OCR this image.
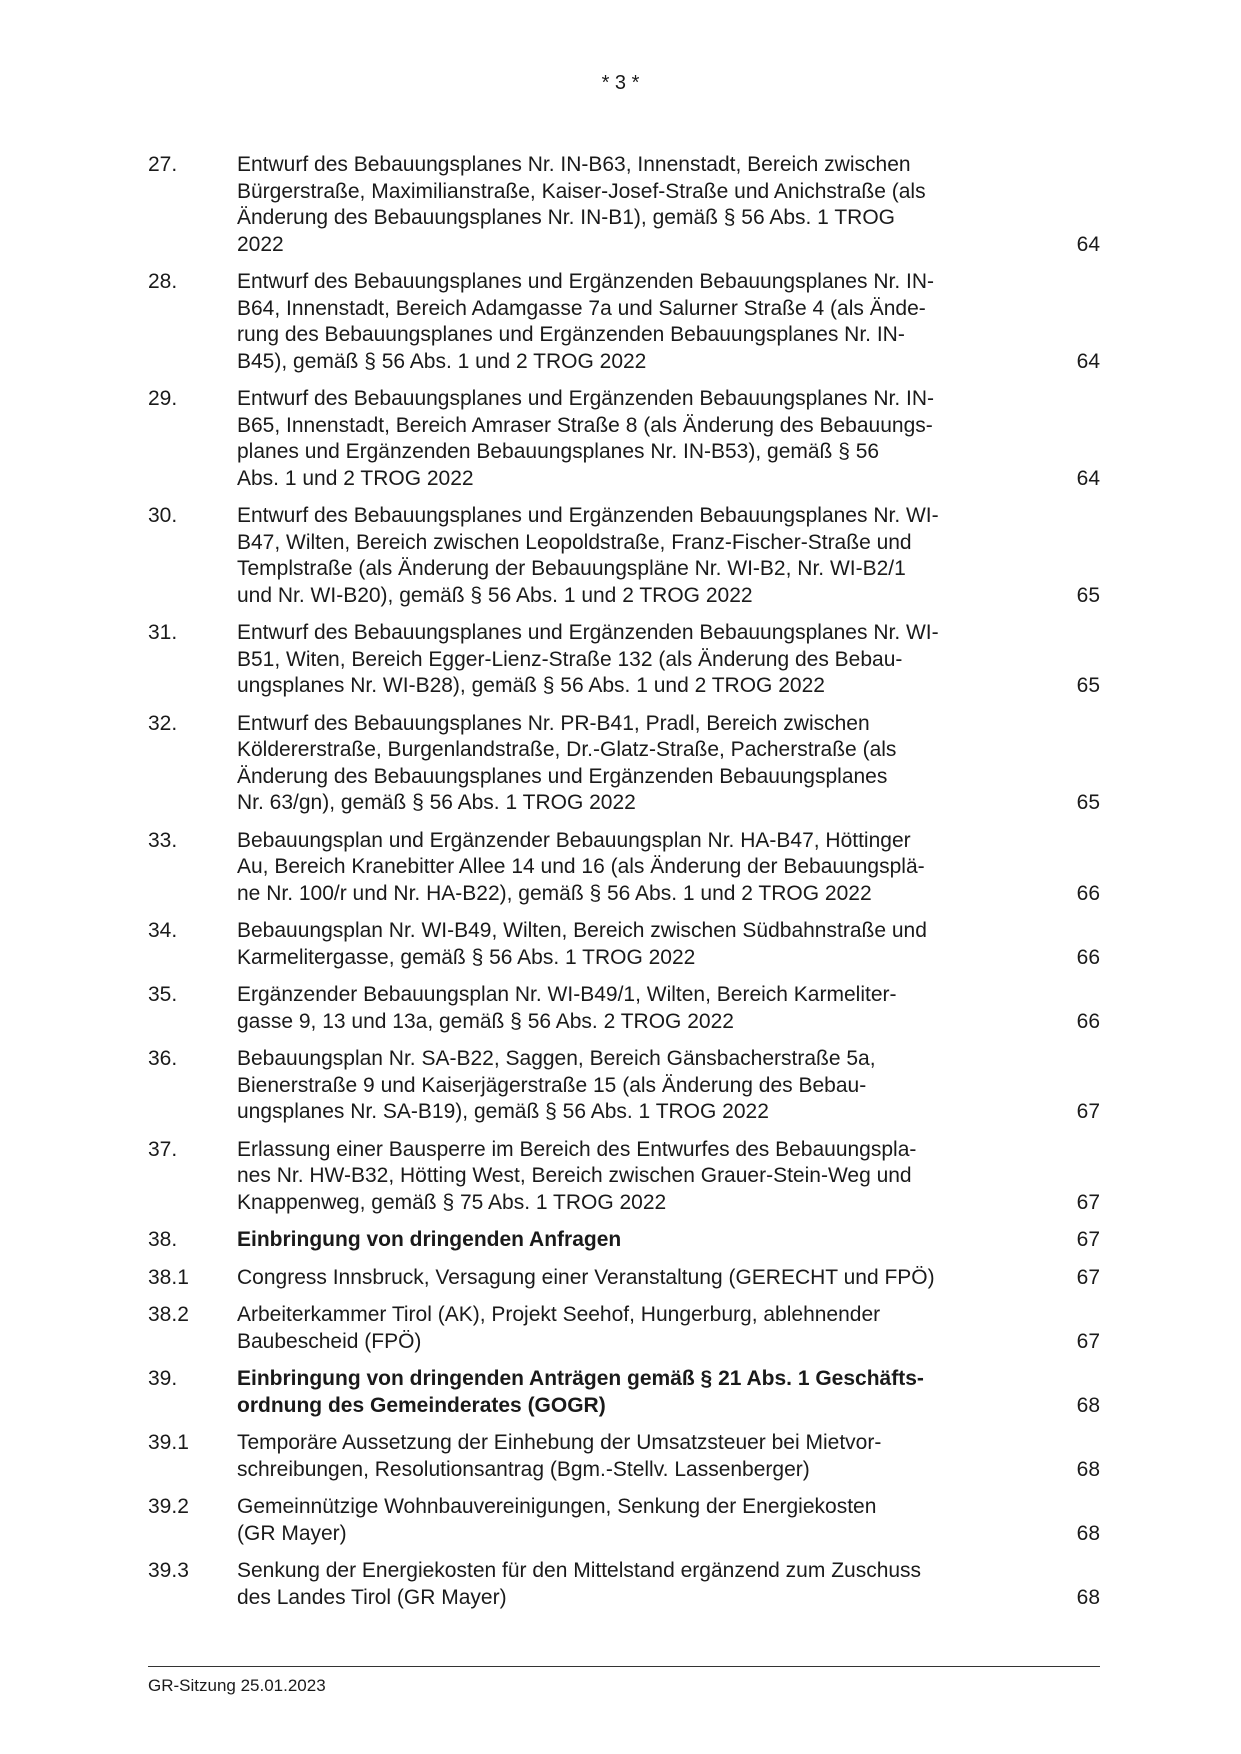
* 3 *
27.	Entwurf des Bebauungsplanes Nr. IN-B63, Innenstadt, Bereich zwischen
Bürgerstraße, Maximilianstraße, Kaiser-Josef-Straße und Anichstraße (als
Änderung des Bebauungsplanes Nr. IN-B1), gemäß § 56 Abs. 1 TROG
2022	64
28.	Entwurf des Bebauungsplanes und Ergänzenden Bebauungsplanes Nr. IN-
B64, Innenstadt, Bereich Adamgasse 7a und Salurner Straße 4 (als Ände-
rung des Bebauungsplanes und Ergänzenden Bebauungsplanes Nr. IN-
B45), gemäß § 56 Abs. 1 und 2 TROG 2022	64
29.	Entwurf des Bebauungsplanes und Ergänzenden Bebauungsplanes Nr. IN-
B65, Innenstadt, Bereich Amraser Straße 8 (als Änderung des Bebauungs-
planes und Ergänzenden Bebauungsplanes Nr. IN-B53), gemäß § 56
Abs. 1 und 2 TROG 2022	64
30.	Entwurf des Bebauungsplanes und Ergänzenden Bebauungsplanes Nr. WI-
B47, Wilten, Bereich zwischen Leopoldstraße, Franz-Fischer-Straße und
Templstraße (als Änderung der Bebauungspläne Nr. WI-B2, Nr. WI-B2/1
und Nr. WI-B20), gemäß § 56 Abs. 1 und 2 TROG 2022	65
31.	Entwurf des Bebauungsplanes und Ergänzenden Bebauungsplanes Nr. WI-
B51, Witen, Bereich Egger-Lienz-Straße 132 (als Änderung des Bebau-
ungsplanes Nr. WI-B28), gemäß § 56 Abs. 1 und 2 TROG 2022	65
32.	Entwurf des Bebauungsplanes Nr. PR-B41, Pradl, Bereich zwischen
Köldererstraße, Burgenlandstraße, Dr.-Glatz-Straße, Pacherstraße (als
Änderung des Bebauungsplanes und Ergänzenden Bebauungsplanes
Nr. 63/gn), gemäß § 56 Abs. 1 TROG 2022	65
33.	Bebauungsplan und Ergänzender Bebauungsplan Nr. HA-B47, Höttinger
Au, Bereich Kranebitter Allee 14 und 16 (als Änderung der Bebauungsplä-
ne Nr. 100/r und Nr. HA-B22), gemäß § 56 Abs. 1 und 2 TROG 2022	66
34.	Bebauungsplan Nr. WI-B49, Wilten, Bereich zwischen Südbahnstraße und
Karmelitergasse, gemäß § 56 Abs. 1 TROG 2022	66
35.	Ergänzender Bebauungsplan Nr. WI-B49/1, Wilten, Bereich Karmeliter-
gasse 9, 13 und 13a, gemäß § 56 Abs. 2 TROG 2022	66
36.	Bebauungsplan Nr. SA-B22, Saggen, Bereich Gänsbacherstraße 5a,
Bienerstraße 9 und Kaiserjägerstraße 15 (als Änderung des Bebau-
ungsplanes Nr. SA-B19), gemäß § 56 Abs. 1 TROG 2022	67
37.	Erlassung einer Bausperre im Bereich des Entwurfes des Bebauungspla-
nes Nr. HW-B32, Hötting West, Bereich zwischen Grauer-Stein-Weg und
Knappenweg, gemäß § 75 Abs. 1 TROG 2022	67
38.	Einbringung von dringenden Anfragen	67
38.1	Congress Innsbruck, Versagung einer Veranstaltung (GERECHT und FPÖ)	67
38.2	Arbeiterkammer Tirol (AK), Projekt Seehof, Hungerburg, ablehnender
Baubescheid (FPÖ)	67
39.	Einbringung von dringenden Anträgen gemäß § 21 Abs. 1 Geschäfts-
ordnung des Gemeinderates (GOGR)	68
39.1	Temporäre Aussetzung der Einhebung der Umsatzsteuer bei Mietvor-
schreibungen, Resolutionsantrag (Bgm.-Stellv. Lassenberger)	68
39.2	Gemeinnützige Wohnbauvereinigungen, Senkung der Energiekosten
(GR Mayer)	68
39.3	Senkung der Energiekosten für den Mittelstand ergänzend zum Zuschuss
des Landes Tirol (GR Mayer)	68
GR-Sitzung 25.01.2023
